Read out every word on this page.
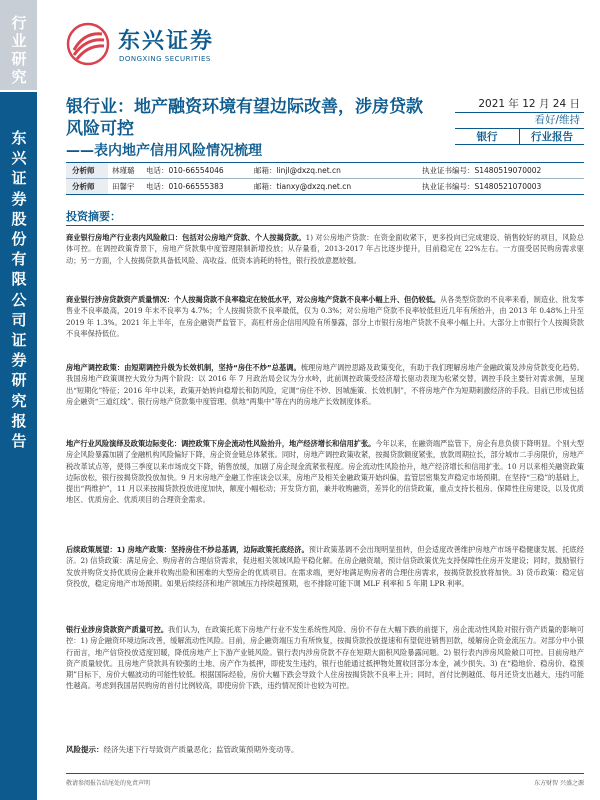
行业研究
东兴证券股份有限公司证券研究报告
东兴证券
DONGXING SECURITIES
银行业：地产融资环境有望边际改善，涉房贷款风险可控
——表内地产信用风险情况梳理
2021 年 12 月 24 日
看好/维持
银行	行业报告
分析师	林瑾璐	电话：010-66554046	邮箱：linjl@dxzq.net.cn	执业证书编号：S1480519070002
分析师	田馨宇	电话：010-66555383	邮箱：tianxy@dxzq.net.cn	执业证书编号：S1480521070003
投资摘要：
商业银行房地产行业表内风险敞口：包括对公房地产贷款、个人按揭贷款。1) 对公房地产贷款：在资金面收紧下，更多投向已完成建设、销售较好的项目，风险总体可控。在调控政策背景下，房地产贷款集中度管理限制新增投放；从存量看，2013-2017 年占比逐步提升，目前稳定在 22%左右。一方面受居民购房需求驱动；另一方面，个人按揭贷款具备低风险、高收益、低资本消耗的特性，银行投放意愿较强。
商业银行涉房贷款资产质量情况：个人按揭贷款不良率稳定在较低水平，对公房地产贷款不良率小幅上升、但仍较低。从各类型贷款的不良率来看，制造业、批发零售业不良率最高，2019 年末不良率为 4.7%；个人按揭贷款不良率最低，仅为 0.3%；对公房地产贷款不良率较低但近几年有所抬升，由 2013 年 0.48%上升至 2019 年 1.3%。2021 年上半年，在房企融资严监管下，高杠杆房企信用风险有所暴露，部分上市银行房地产贷款不良率小幅上升。大部分上市银行个人按揭贷款不良率保持低位。
房地产调控政策：由短期调控升级为长效机制，坚持“房住不炒”总基调。梳理房地产调控思路及政策变化，有助于我们理解房地产金融政策及涉房贷款变化趋势。我国房地产政策调控大致分为两个阶段：以 2016 年 7 月政治局会议为分水岭，此前调控政策受经济增长驱动表现为松紧交替，调控手段主要针对需求侧，呈现出“短期化”特征；2016 年中以来，政策开始转向稳增长和防风险，定调“房住不炒、因城施策、长效机制”，不将房地产作为短期刺激经济的手段。目前已形成包括房企融资“三道红线”、银行房地产贷款集中度管理、供地“两集中”等在内的房地产长效制度体系。
地产行业风险演绎及政策边际变化：调控政策下房企流动性风险抬升，地产经济增长和信用扩张。今年以来，在融资端严监管下，房企有息负债下降明显。个别大型房企风险暴露加剧了金融机构风险偏好下降，房企资金链总体紧张。同时，房地产调控政策收紧，按揭贷款额度紧张，放款周期拉长，部分城市二手房限价，房地产税改革试点等，使得三季度以来市场成交下降，销售放缓，加剧了房企现金流紧张程度。房企流动性风险抬升，地产经济增长和信用扩张。10 月以来相关融资政策边际放松，银行按揭贷款投放加快。9 月末房地产金融工作座谈会以来，房地产及相关金融政策开始纠偏，监管层密集发声稳定市场预期。在坚持“三稳”的基础上，提出“两维护”，11 月以来按揭贷款投放进度加快，额度小幅松动；开发贷方面，兼并收购融资，差异化的信贷政策，重点支持长租房、保障性住房建设，以及优质地区、优质房企、优质项目的合理资金需求。
后续政策展望：1) 房地产政策：坚持房住不炒总基调，边际政策托底经济。预计政策基调不会出现明显扭转，但会适度改善维护房地产市场平稳健康发展、托底经济。2) 信贷政策：满足房企、购房者的合理信贷需求，促进相关领域风险平稳化解。在房企融资端，预计信贷政策优先支持保障性住房开发建设；同时，鼓励银行发放并购贷支持优质房企兼并收购出险和困难的大型房企的优质项目。在需求端，更好地满足购房者的合理住房需求，按揭贷款投放将加快。3) 货币政策：稳定信贷投放，稳定房地产市场预期。如果后续经济和地产领域压力持续超预期，也不排除可能下调 MLF 利率和 5 年期 LPR 利率。
银行业涉房贷款资产质量可控。我们认为，在政策托底下房地产行业不发生系统性风险、房价不存在大幅下跌的前提下，房企流动性风险对银行资产质量的影响可控：1) 房企融资环境边际改善，缓解流动性风险。目前，房企融资端压力有所恢复，按揭贷款投放提速和有望促进销售回款，缓解房企资金流压力。对部分中小银行而言，地产信贷投放适度回暖，降低房地产上下游产业链风险。银行表内涉房贷款不存在短期大面积风险暴露问题。2) 银行表内涉房风险敞口可控。目前房地产资产质量较优。且房地产贷款具有较强的土地、房产作为抵押，即使发生违约，银行也能通过抵押物处置收回部分本金，减少损失。3) 在“稳地价、稳房价、稳预期”目标下，房价大幅波动的可能性较低。根据国际经验，房价大幅下跌会导致个人住房按揭贷款不良率上升；同时，首付比例越低、每月还贷支出越大，违约可能性越高。考虑到我国居民购房的首付比例较高，即使房价下跌，违约情况预计也较为可控。
风险提示：经济失速下行导致资产质量恶化；监管政策预期外变动等。
敬请参阅报告结尾处的免责声明	东方财智 兴盛之源
